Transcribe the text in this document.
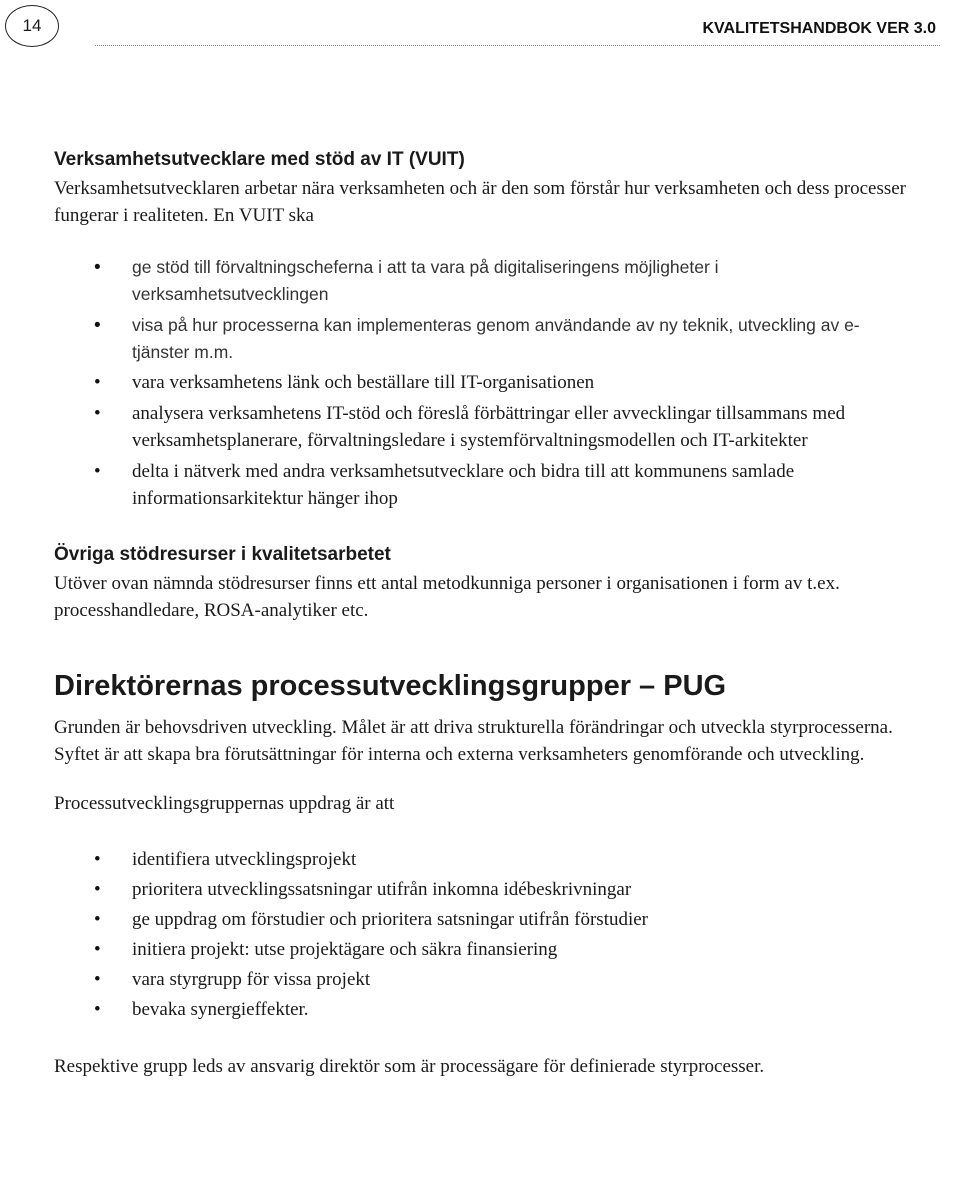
14	KVALITETSHANDBOK VER 3.0
Verksamhetsutvecklare med stöd av IT (VUIT)

Verksamhetsutvecklaren arbetar nära verksamheten och är den som förstår hur verksamheten och dess processer fungerar i realiteten. En VUIT ska

• ge stöd till förvaltningscheferna i att ta vara på digitaliseringens möjligheter i verksamhetsutvecklingen
• visa på hur processerna kan implementeras genom användande av ny teknik, utveckling av e-tjänster m.m.
• vara verksamhetens länk och beställare till IT-organisationen
• analysera verksamhetens IT-stöd och föreslå förbättringar eller avvecklingar tillsammans med verksamhetsplanerare, förvaltningsledare i systemförvaltningsmodellen och IT-arkitekter
• delta i nätverk med andra verksamhetsutvecklare och bidra till att kommunens samlade informationsarkitektur hänger ihop
Övriga stödresurser i kvalitetsarbetet

Utöver ovan nämnda stödresurser finns ett antal metodkunniga personer i organisationen i form av t.ex. processhandledare, ROSA-analytiker etc.

Direktörernas processutvecklingsgrupper – PUG

Grunden är behovsdriven utveckling. Målet är att driva strukturella förändringar och utveckla styrprocesserna. Syftet är att skapa bra förutsättningar för interna och externa verksamheters genomförande och utveckling.

Processutvecklingsgruppernas uppdrag är att

• identifiera utvecklingsprojekt
• prioritera utvecklingssatsningar utifrån inkomna idébeskrivningar
• ge uppdrag om förstudier och prioritera satsningar utifrån förstudier
• initiera projekt: utse projektägare och säkra finansiering
• vara styrgrupp för vissa projekt
• bevaka synergieffekter.

Respektive grupp leds av ansvarig direktör som är processägare för definierade styrprocesser.
